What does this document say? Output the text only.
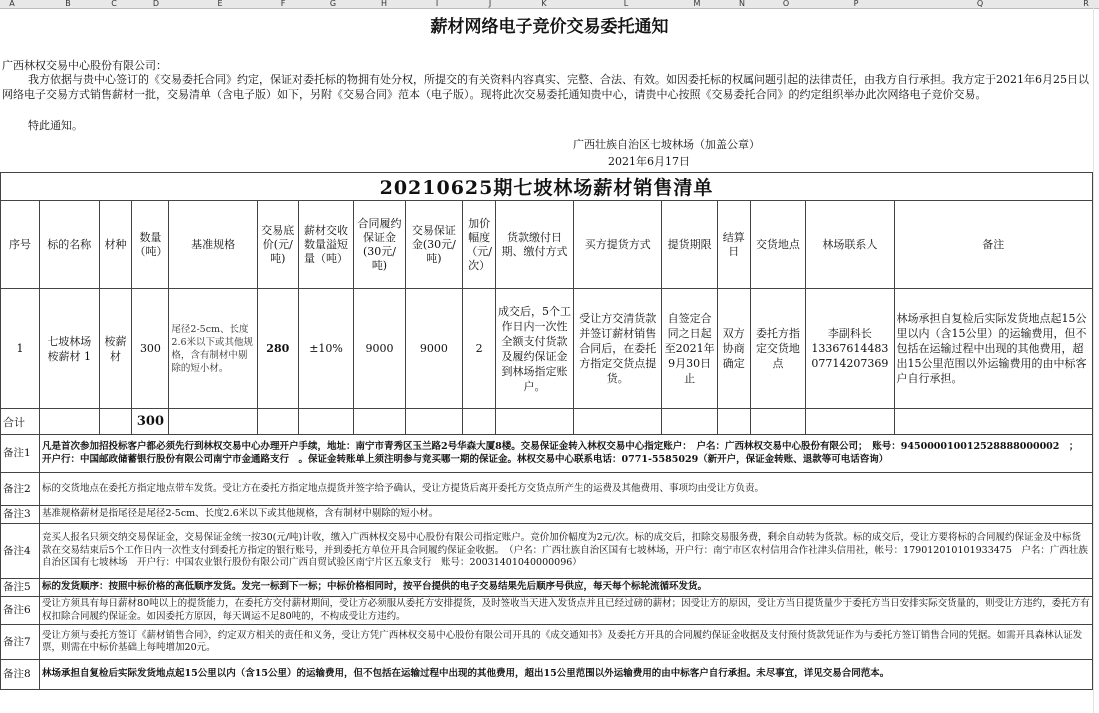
A	B	C	D	E	F	G	H	I	J	K	L	M	N	O	P	Q	R
薪材网络电子竞价交易委托通知
广西林权交易中心股份有限公司：
我方依据与贵中心签订的《交易委托合同》约定，保证对委托标的物拥有处分权，所提交的有关资料内容真实、完整、合法、有效。如因委托标的权属问题引起的法律责任，由我方自行承担。我方定于2021年6月25日以网络电子交易方式销售薪材一批，交易清单（含电子版）如下，另附《交易合同》范本（电子版）。现将此次交易委托通知贵中心，请贵中心按照《交易委托合同》的约定组织举办此次网络电子竞价交易。
特此通知。
广西壮族自治区七坡林场（加盖公章）
2021年6月17日
20210625期七坡林场薪材销售清单																
序号	标的名称	材种	数量（吨）	基准规格	交易底价(元/吨)	薪材交收数量溢短量（吨）	合同履约保证金(30元/吨)	交易保证金(30元/吨)	加价幅度（元/次）	货款缴付日期、缴付方式	买方提货方式	提货期限	结算日	交货地点	林场联系人	备注
1	七坡林场桉薪材 1	桉薪材	300	尾径2-5cm、长度2.6米以下或其他规格，含有制材中剔除的短小材。	280	±10%	9000	9000	2	成交后，5个工作日内一次性全额支付货款及履约保证金到林场指定账户。	受让方交清货款并签订薪材销售合同后，在委托方指定交货点提货。	自签定合同之日起至2021年9月30日止	双方协商确定	委托方指定交货地点	李副科长
13367614483
07714207369	林场承担自复检后实际发货地点起15公里以内（含15公里）的运输费用，但不包括在运输过程中出现的其他费用，超出15公里范围以外运输费用的由中标客户自行承担。
合计			300													
备注1	凡是首次参加招投标客户都必须先行到林权交易中心办理开户手续，地址：南宁市青秀区玉兰路2号华森大厦8楼。交易保证金转入林权交易中心指定账户：　户名：广西林权交易中心股份有限公司；　账号：945000010012528888000002　；　开户行：中国邮政储蓄银行股份有限公司南宁市金通路支行　。保证金转账单上须注明参与竞买哪一期的保证金。林权交易中心联系电话：0771-5585029（新开户，保证金转账、退款等可电话咨询）															
备注2	标的交货地点在委托方指定地点带车发货。受让方在委托方指定地点提货并签字给予确认，受让方提货后离开委托方交货点所产生的运费及其他费用、事项均由受让方负责。															
备注3	基准规格薪材是指尾径是尾径2-5cm、长度2.6米以下或其他规格，含有制材中剔除的短小材。															
备注4	竞买人报名只须交纳交易保证金，交易保证金统一按30(元/吨)计收，缴入广西林权交易中心股份有限公司指定账户。竞价加价幅度为2元/次。标的成交后，扣除交易服务费，剩余自动转为货款。标的成交后，受让方要将标的合同履约保证金及中标货款在交易结束后5个工作日内一次性支付到委托方指定的银行账号，并到委托方单位开具合同履约保证金收据。　（户名：广西壮族自治区国有七坡林场，开户行：南宁市区农村信用合作社津头信用社，帐号：179012010101933475　户名：广西壮族自治区国有七坡林场　开户行：中国农业银行股份有限公司广西自贸试验区南宁片区五象支行　账号：20031401040000096）															
备注5	标的发货顺序：按照中标价格的高低顺序发货。发完一标到下一标；中标价格相同时，按平台提供的电子交易结果先后顺序号供应，每天每个标轮流循环发货。															
备注6	受让方须具有每日薪材80吨以上的提货能力，在委托方交付薪材期间，受让方必须服从委托方安排提货，及时签收当天进入发货点并且已经过磅的薪材；因受让方的原因，受让方当日提货量少于委托方当日安排实际交货量的，则受让方违约，委托方有权扣除合同履约保证金。如因委托方原因，每天调运不足80吨的，不构成受让方违约。															
备注7	受让方须与委托方签订《薪材销售合同》，约定双方相关的责任和义务，受让方凭广西林权交易中心股份有限公司开具的《成交通知书》及委托方开具的合同履约保证金收据及支付预付货款凭证作为与委托方签订销售合同的凭据。如需开具森林认证发票，则需在中标价基础上每吨增加20元。															
备注8	林场承担自复检后实际发货地点起15公里以内（含15公里）的运输费用，但不包括在运输过程中出现的其他费用，超出15公里范围以外运输费用的由中标客户自行承担。未尽事宜，详见交易合同范本。															
